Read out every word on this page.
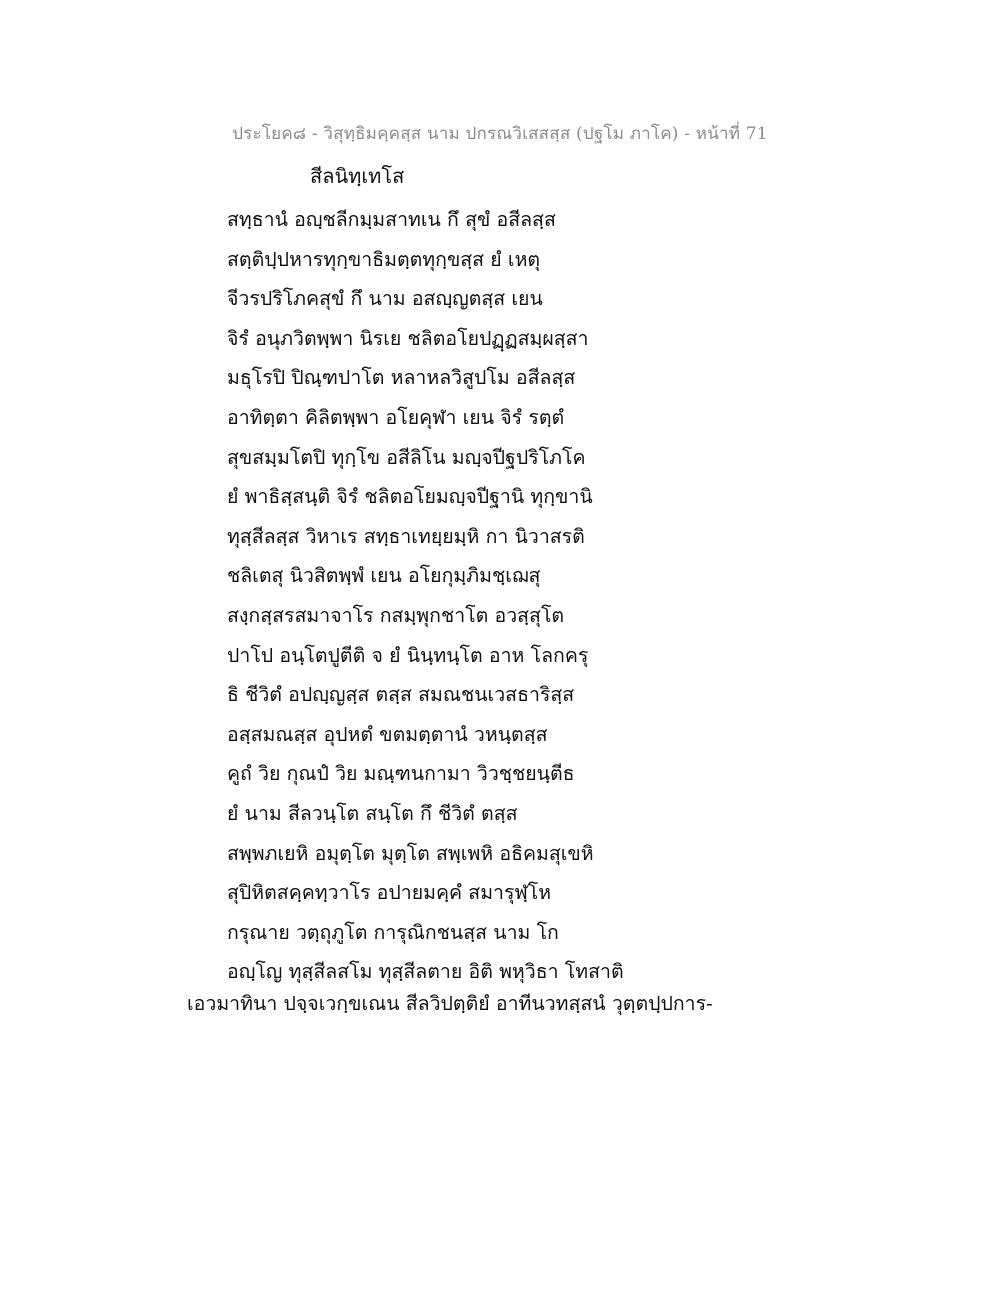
ประโยค๘ - วิสุทฺธิมคฺคสฺส นาม ปกรณวิเสสสฺส (ปฐโม ภาโค) - หน้าที่ 71
สีลนิทฺเทโส
สทฺธานํ อญฺชลีกมฺมสาทเน กึ สุขํ อสีลสฺส
สตฺติปฺปหารทุกฺขาธิมตฺตทุกฺขสฺส ยํ เหตุ
จีวรปริโภคสุขํ กึ นาม อสญฺญตสฺส เยน
จิรํ อนุภวิตพฺพา นิรเย ชลิตอโยปฏฺฏสมฺผสฺสา
มธุโรปิ ปิณฺฑปาโต หลาหลวิสูปโม อสีลสฺส
อาทิตฺตา คิลิตพฺพา อโยคุฬา เยน จิรํ รตฺตํ
สุขสมฺมโตปิ ทุกฺโข อสีลิโน มญฺจปีฐปริโภโค
ยํ พาธิสฺสนฺติ จิรํ ชลิตอโยมญฺจปีฐานิ ทุกฺขานิ
ทุสฺสีลสฺส วิหาเร สทฺธาเทยฺยมฺหิ กา นิวาสรติ
ชลิเตสุ นิวสิตพฺพํ เยน อโยกุมฺภิมชฺเฌสุ
สงฺกสฺสรสมาจาโร กสมฺพุกชาโต อวสฺสุโต
ปาโป อนฺโตปูตีติ จ ยํ นินฺทนฺโต อาห โลกครุ
ธิ ชีวิตํ อปญฺญสฺส ตสฺส สมณชนเวสธาริสฺส
อสฺสมณสฺส อุปหตํ ขตมตฺตานํ วหนฺตสฺส
คูถํ วิย กุณปํ วิย มณฺฑนกามา วิวชฺชยนฺตีธ
ยํ นาม สีลวนฺโต สนฺโต กึ ชีวิตํ ตสฺส
สพฺพภเยหิ อมุตฺโต มุตฺโต สพฺเพหิ อธิคมสุเขหิ
สุปิหิตสคฺคทฺวาโร อปายมคฺคํ สมารุฬฺโห
กรุณาย วตฺถุภูโต การุณิกชนสฺส นาม โก
อญฺโญ ทุสฺสีลสโม ทุสฺสีลตาย อิติ พหุวิธา โทสาติ
เอวมาทินา ปจฺจเวกฺขเณน สีลวิปตฺติยํ อาทีนวทสฺสนํ วุตฺตปฺปการ-
